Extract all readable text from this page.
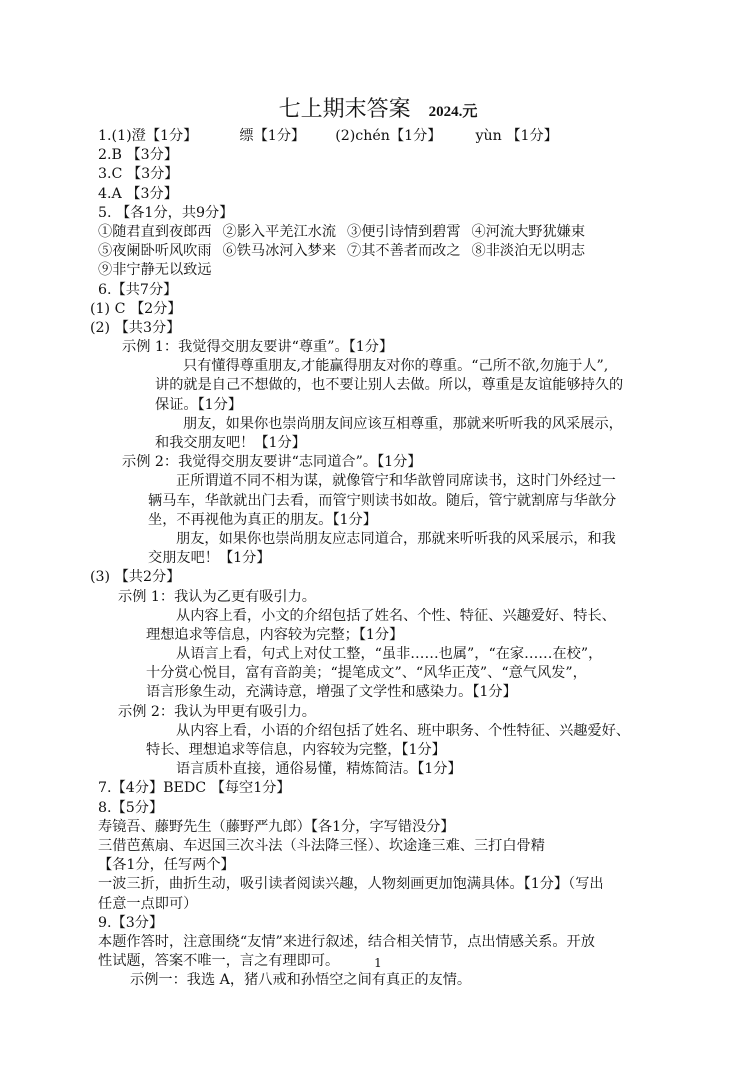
七上期末答案 2024.元
1.(1)澄【1分】	缥【1分】 (2)chén【1分】 yùn 【1分】
2.B 【3分】
3.C 【3分】
4.A 【3分】
5. 【各1分，共9分】
①随君直到夜郎西 ②影入平羌江水流 ③便引诗情到碧霄 ④河流大野犹嫌束
⑤夜阑卧听风吹雨 ⑥铁马冰河入梦来 ⑦其不善者而改之 ⑧非淡泊无以明志
⑨非宁静无以致远
6.【共7分】
(1) C 【2分】
(2) 【共3分】
示例 1：我觉得交朋友要讲“尊重”。【1分】
只有懂得尊重朋友,才能赢得朋友对你的尊重。“己所不欲,勿施于人”,
讲的就是自己不想做的，也不要让别人去做。所以，尊重是友谊能够持久的
保证。【1分】
朋友，如果你也崇尚朋友间应该互相尊重，那就来听听我的风采展示，
和我交朋友吧！【1分】
示例 2：我觉得交朋友要讲“志同道合”。【1分】
正所谓道不同不相为谋，就像管宁和华歆曾同席读书，这时门外经过一
辆马车，华歆就出门去看，而管宁则读书如故。随后，管宁就割席与华歆分
坐，不再视他为真正的朋友。【1分】
朋友，如果你也崇尚朋友应志同道合，那就来听听我的风采展示，和我
交朋友吧！【1分】
(3) 【共2分】
示例 1：我认为乙更有吸引力。
从内容上看，小文的介绍包括了姓名、个性、特征、兴趣爱好、特长、
理想追求等信息，内容较为完整；【1分】
从语言上看，句式上对仗工整，“虽非……也属”，“在家……在校”，
十分赏心悦目，富有音韵美；“提笔成文”、“风华正茂”、“意气风发”，
语言形象生动，充满诗意，增强了文学性和感染力。【1分】
示例 2：我认为甲更有吸引力。
从内容上看，小语的介绍包括了姓名、班中职务、个性特征、兴趣爱好、
特长、理想追求等信息，内容较为完整，【1分】
语言质朴直接，通俗易懂，精炼简洁。【1分】
7.【4分】BEDC 【每空1分】
8.【5分】
寿镜吾、藤野先生（藤野严九郎）【各1分，字写错没分】
三借芭蕉扇、车迟国三次斗法（斗法降三怪）、坎途逢三难、三打白骨精
【各1分，任写两个】
一波三折，曲折生动，吸引读者阅读兴趣，人物刻画更加饱满具体。【1分】（写出
任意一点即可）
9.【3分】
本题作答时，注意围绕“友情”来进行叙述，结合相关情节，点出情感关系。开放
性试题，答案不唯一，言之有理即可。
示例一：我选 A，猪八戒和孙悟空之间有真正的友情。
1
